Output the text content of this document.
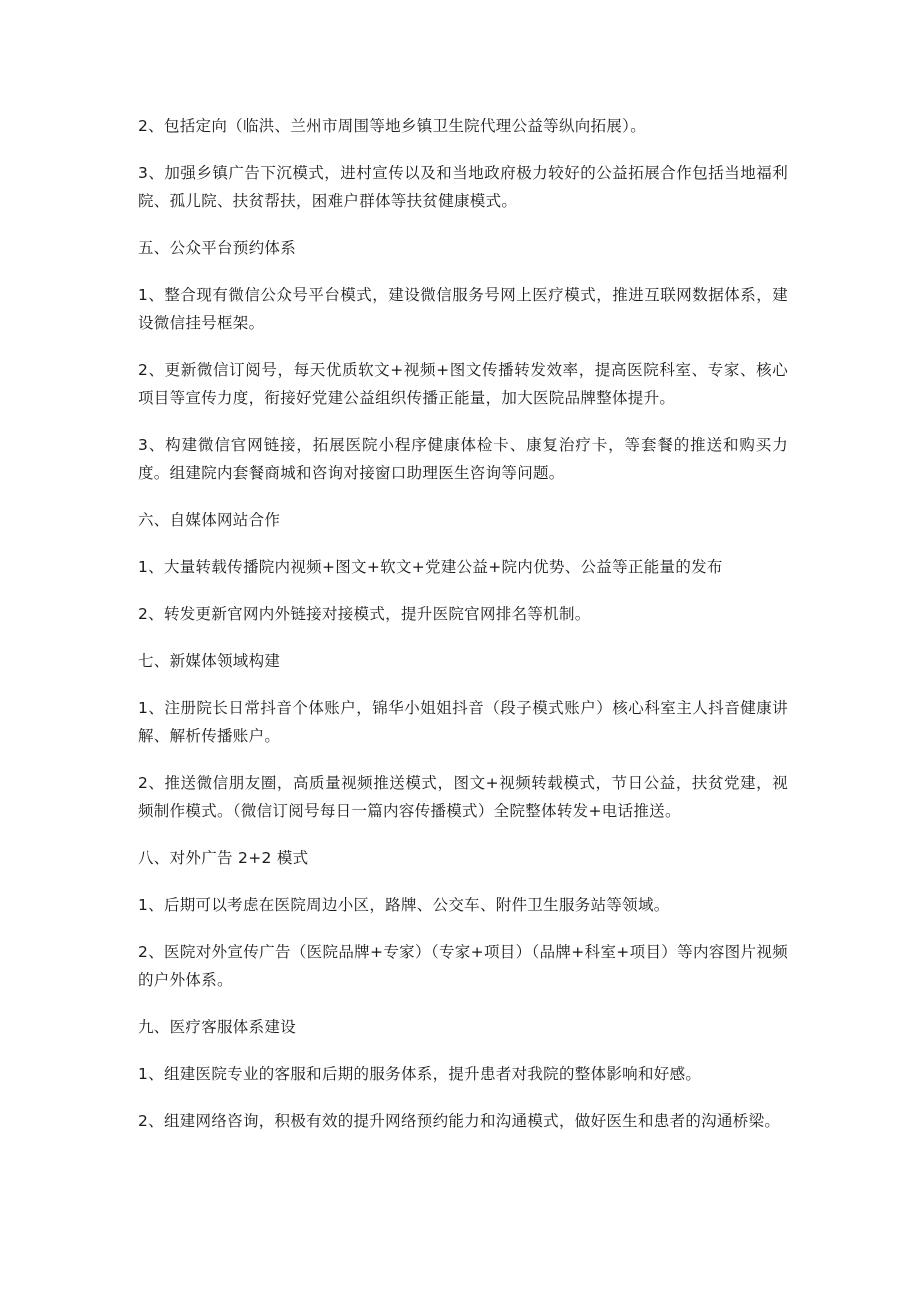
2、包括定向（临洪、兰州市周围等地乡镇卫生院代理公益等纵向拓展）。

3、加强乡镇广告下沉模式，进村宣传以及和当地政府极力较好的公益拓展合作包括当地福利院、孤儿院、扶贫帮扶，困难户群体等扶贫健康模式。

五、公众平台预约体系

1、整合现有微信公众号平台模式，建设微信服务号网上医疗模式，推进互联网数据体系，建设微信挂号框架。

2、更新微信订阅号，每天优质软文+视频+图文传播转发效率，提高医院科室、专家、核心项目等宣传力度，衔接好党建公益组织传播正能量，加大医院品牌整体提升。

3、构建微信官网链接，拓展医院小程序健康体检卡、康复治疗卡，等套餐的推送和购买力度。组建院内套餐商城和咨询对接窗口助理医生咨询等问题。

六、自媒体网站合作

1、大量转载传播院内视频+图文+软文+党建公益+院内优势、公益等正能量的发布

2、转发更新官网内外链接对接模式，提升医院官网排名等机制。

七、新媒体领域构建

1、注册院长日常抖音个体账户，锦华小姐姐抖音（段子模式账户）核心科室主人抖音健康讲解、解析传播账户。

2、推送微信朋友圈，高质量视频推送模式，图文+视频转载模式，节日公益，扶贫党建，视频制作模式。（微信订阅号每日一篇内容传播模式）全院整体转发+电话推送。

八、对外广告 2+2 模式

1、后期可以考虑在医院周边小区，路牌、公交车、附件卫生服务站等领域。

2、医院对外宣传广告（医院品牌+专家）（专家+项目）（品牌+科室+项目）等内容图片视频的户外体系。

九、医疗客服体系建设

1、组建医院专业的客服和后期的服务体系，提升患者对我院的整体影响和好感。

2、组建网络咨询，积极有效的提升网络预约能力和沟通模式，做好医生和患者的沟通桥梁。
